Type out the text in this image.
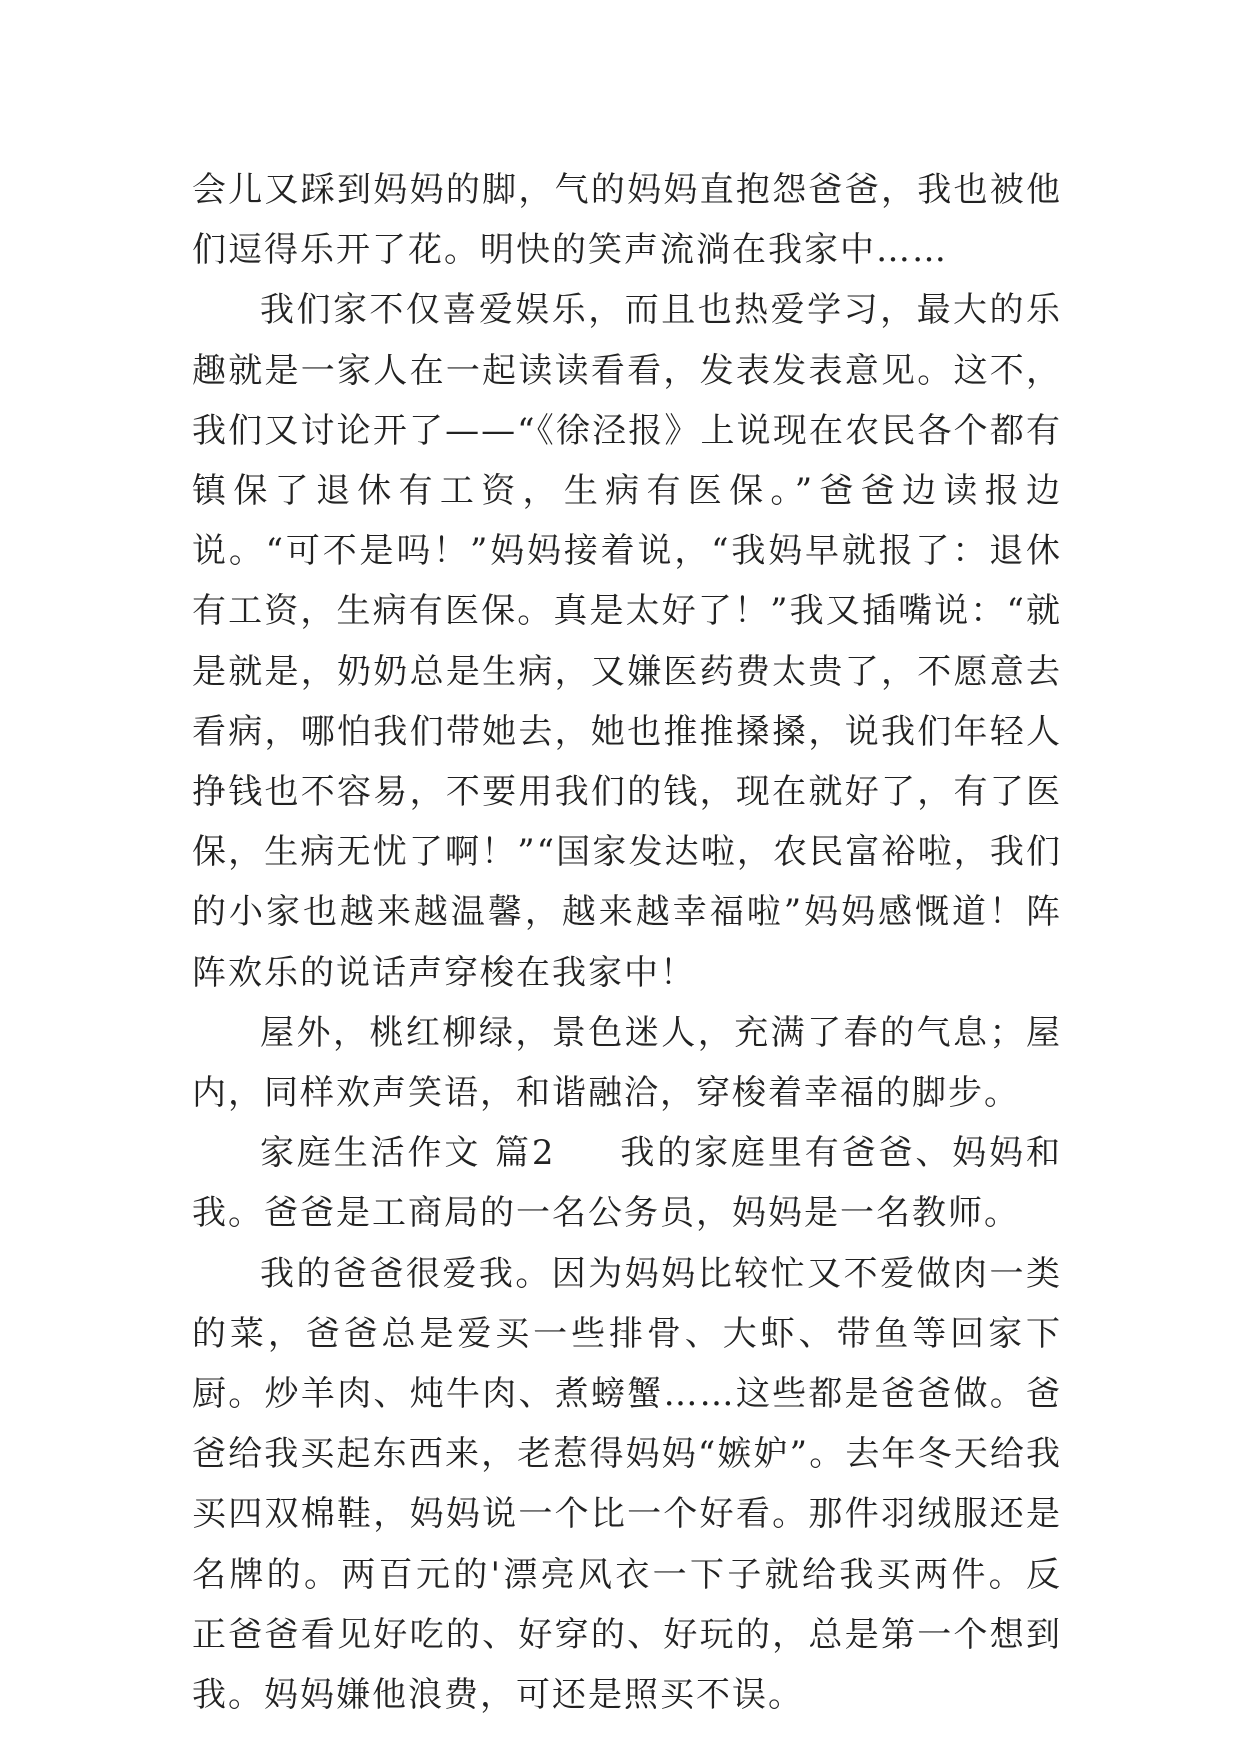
会儿又踩到妈妈的脚，气的妈妈直抱怨爸爸，我也被他们逗得乐开了花。明快的笑声流淌在我家中……

我们家不仅喜爱娱乐，而且也热爱学习，最大的乐趣就是一家人在一起读读看看，发表发表意见。这不，我们又讨论开了——“《徐泾报》上说现在农民各个都有镇保了退休有工资，生病有医保。”爸爸边读报边说。“可不是吗！”妈妈接着说，“我妈早就报了：退休有工资，生病有医保。真是太好了！”我又插嘴说：“就是就是，奶奶总是生病，又嫌医药费太贵了，不愿意去看病，哪怕我们带她去，她也推推搡搡，说我们年轻人挣钱也不容易，不要用我们的钱，现在就好了，有了医保，生病无忧了啊！”“国家发达啦，农民富裕啦，我们的小家也越来越温馨，越来越幸福啦”妈妈感慨道！阵阵欢乐的说话声穿梭在我家中！

屋外，桃红柳绿，景色迷人，充满了春的气息；屋内，同样欢声笑语，和谐融洽，穿梭着幸福的脚步。

家庭生活作文 篇2 我的家庭里有爸爸、妈妈和我。爸爸是工商局的一名公务员，妈妈是一名教师。

我的爸爸很爱我。因为妈妈比较忙又不爱做肉一类的菜，爸爸总是爱买一些排骨、大虾、带鱼等回家下厨。炒羊肉、炖牛肉、煮螃蟹……这些都是爸爸做。爸爸给我买起东西来，老惹得妈妈“嫉妒”。去年冬天给我买四双棉鞋，妈妈说一个比一个好看。那件羽绒服还是名牌的。两百元的'漂亮风衣一下子就给我买两件。反正爸爸看见好吃的、好穿的、好玩的，总是第一个想到我。妈妈嫌他浪费，可还是照买不误。
